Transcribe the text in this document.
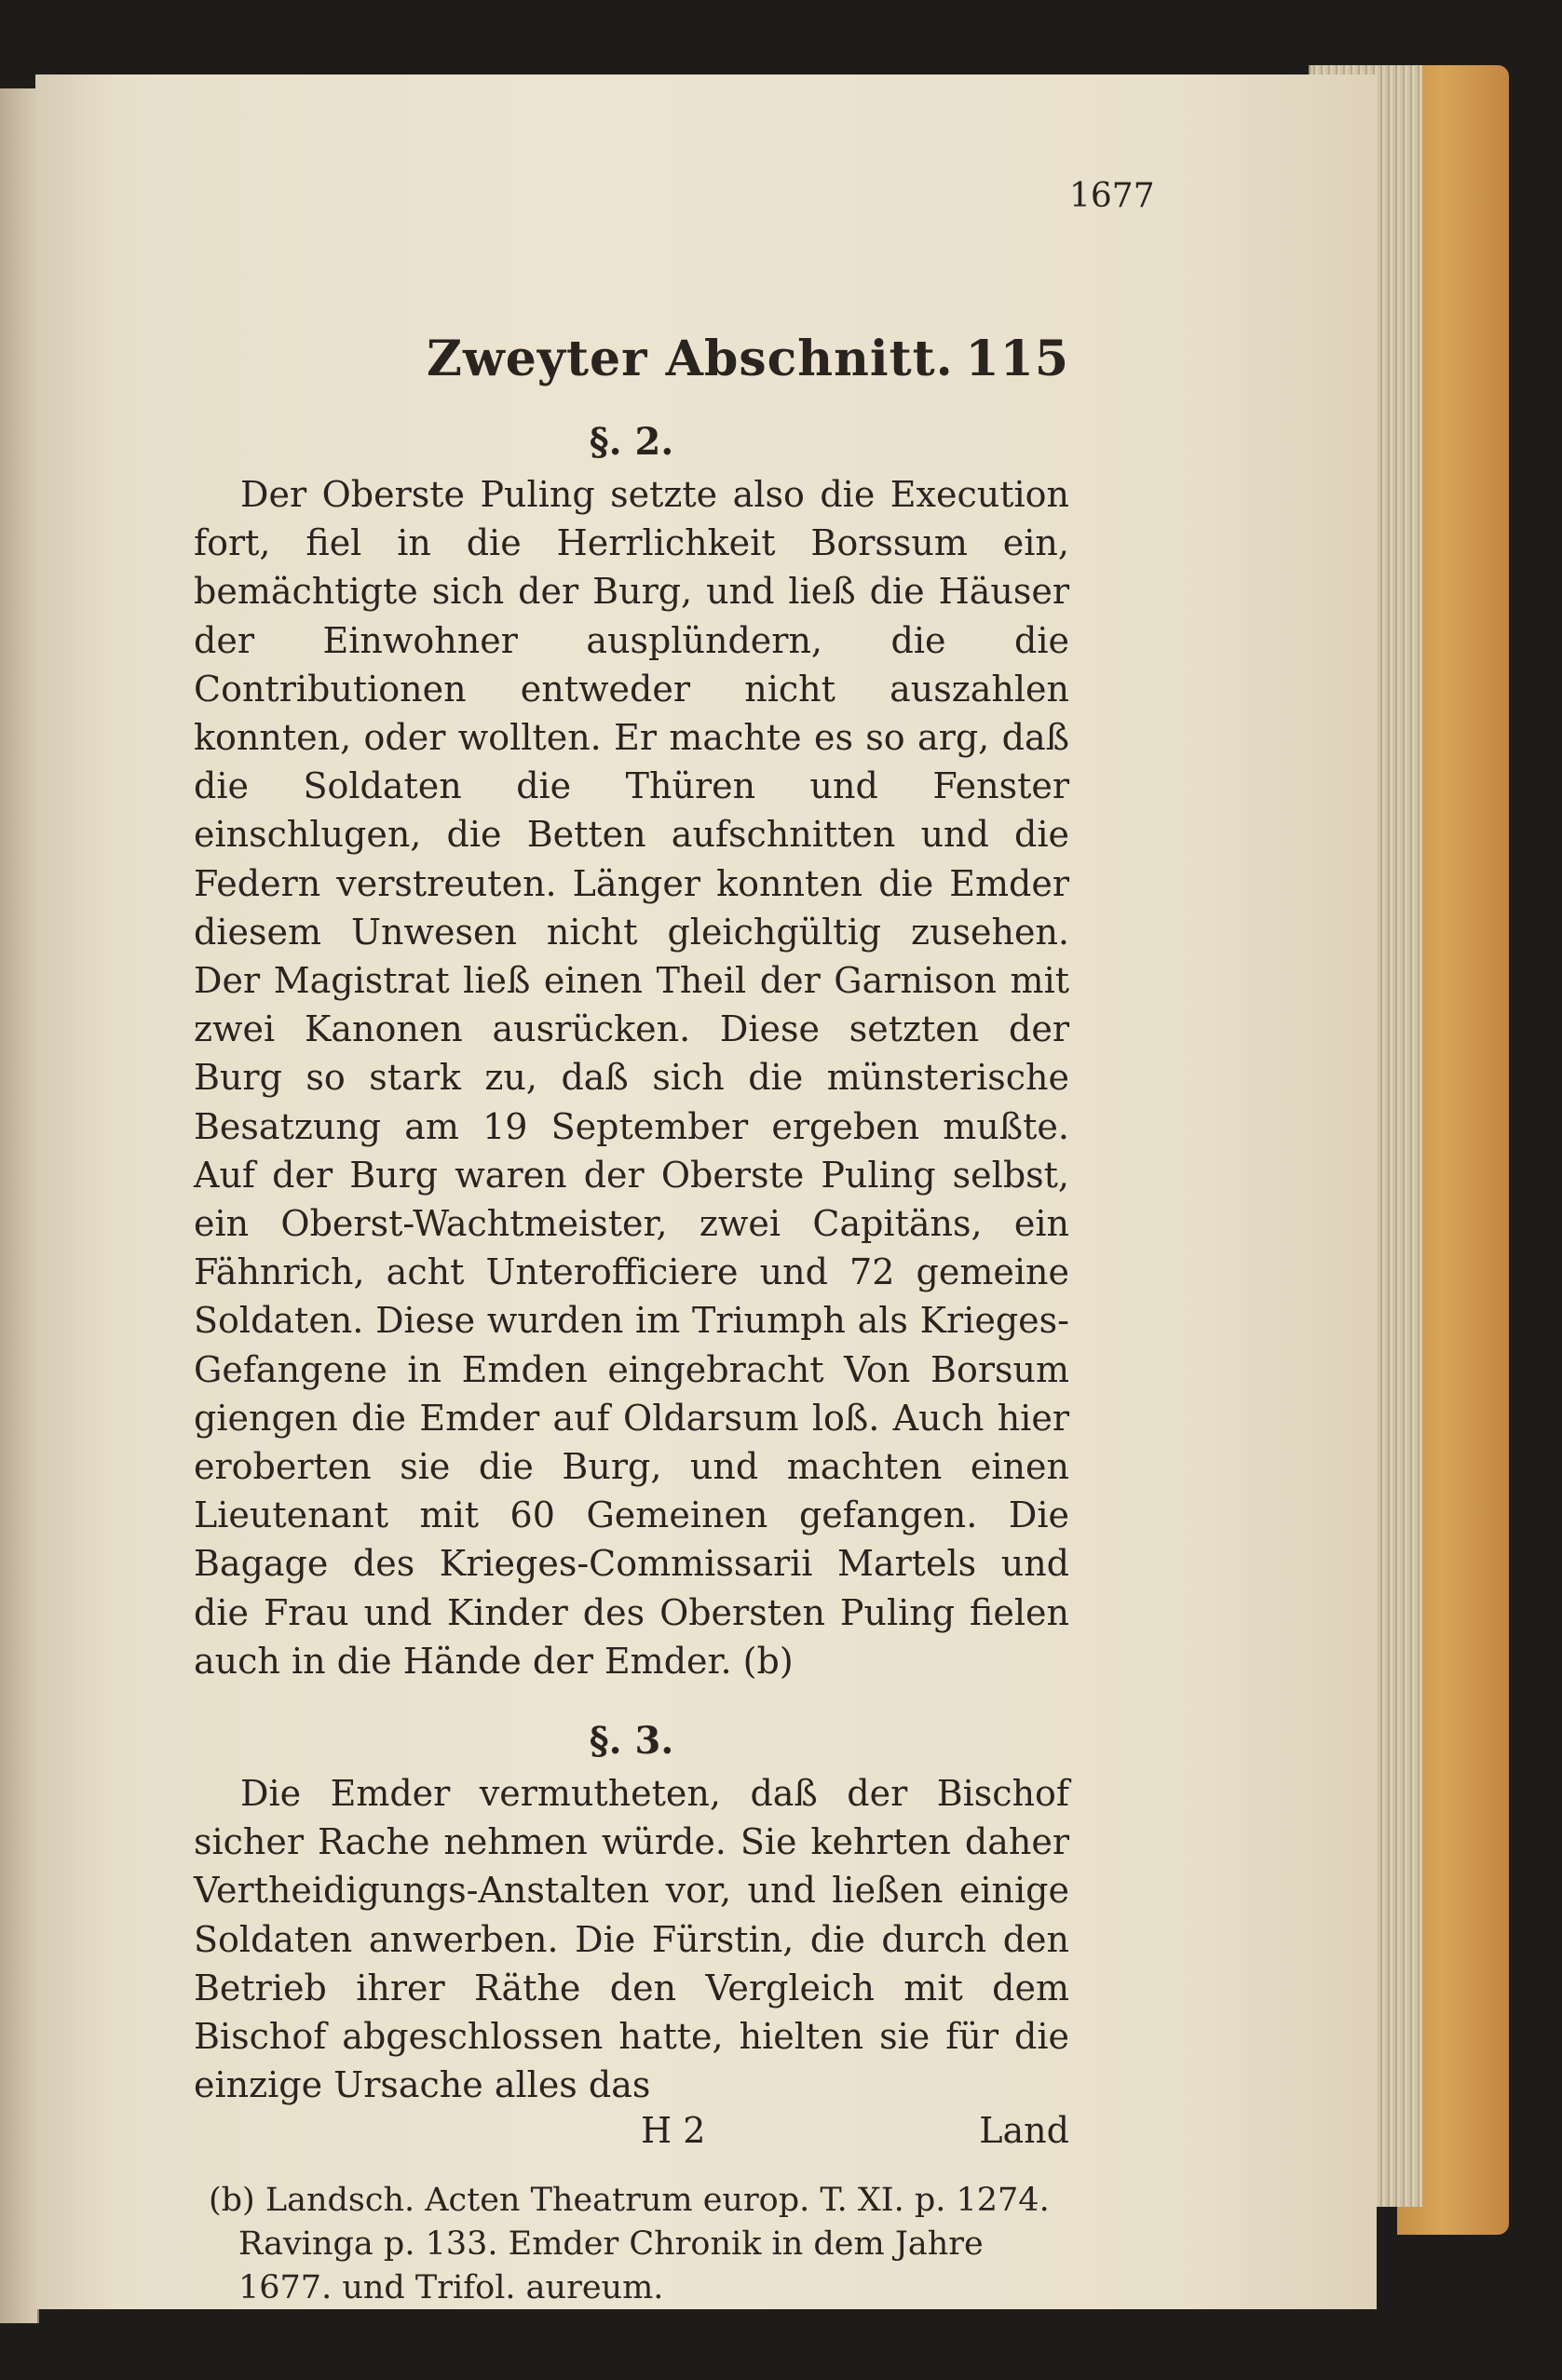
Zweyter Abschnitt. 115
§. 2.

Der Oberste Puling setzte also die Execution fort, fiel in die Herrlichkeit Borssum ein, bemächtigte sich der Burg, und ließ die Häuser der Einwohner ausplündern, die die Contributionen entweder nicht auszahlen konnten, oder wollten. Er machte es so arg, daß die Soldaten die Thüren und Fenster einschlugen, die Betten aufschnitten und die Federn verstreuten. Länger konnten die Emder diesem Unwesen nicht gleichgültig zusehen. Der Magistrat ließ einen Theil der Garnison mit zwei Kanonen ausrücken. Diese setzten der Burg so stark zu, daß sich die münsterische Besatzung am 19 September ergeben mußte. Auf der Burg waren der Oberste Puling selbst, ein Oberst-Wachtmeister, zwei Capitäns, ein Fähnrich, acht Unterofficiere und 72 gemeine Soldaten. Diese wurden im Triumph als Krieges-Gefangene in Emden eingebracht Von Borsum giengen die Emder auf Oldarsum loß. Auch hier eroberten sie die Burg, und machten einen Lieutenant mit 60 Gemeinen gefangen. Die Bagage des Krieges-Commissarii Martels und die Frau und Kinder des Obersten Puling fielen auch in die Hände der Emder. (b)

§. 3.

Die Emder vermutheten, daß der Bischof sicher Rache nehmen würde. Sie kehrten daher Vertheidigungs-Anstalten vor, und ließen einige Soldaten anwerben. Die Fürstin, die durch den Betrieb ihrer Räthe den Vergleich mit dem Bischof abgeschlossen hatte, hielten sie für die einzige Ursache alles das

H 2	Land
(b) Landsch. Acten Theatrum europ. T. XI. p. 1274. Ravinga p. 133. Emder Chronik in dem Jahre 1677. und Trifol. aureum.
1677
